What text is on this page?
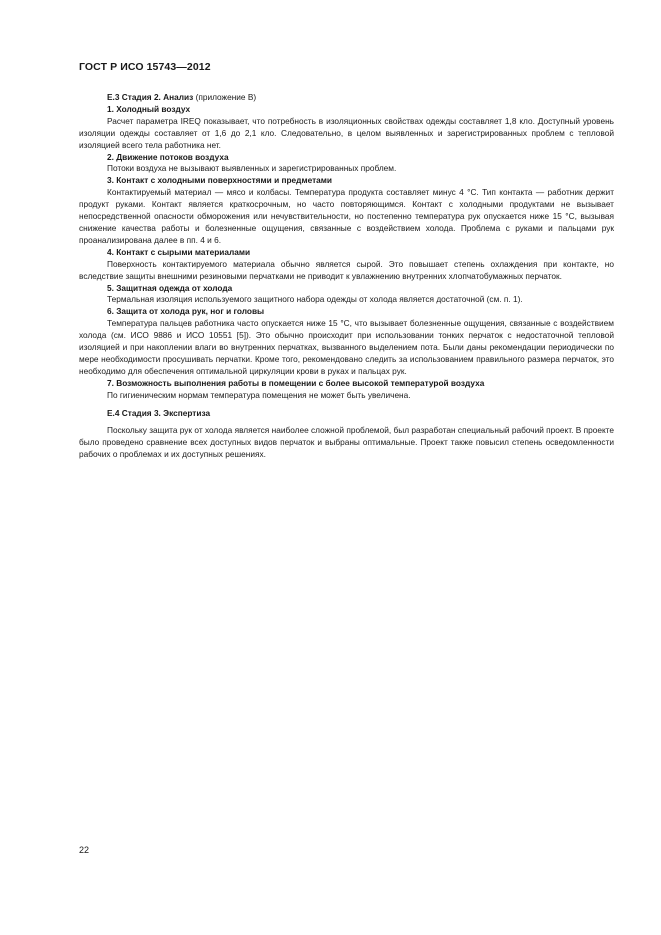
ГОСТ Р ИСО 15743—2012
Е.3 Стадия 2. Анализ (приложение В)
1. Холодный воздух

Расчет параметра IREQ показывает, что потребность в изоляционных свойствах одежды составляет 1,8 кло. Доступный уровень изоляции одежды составляет от 1,6 до 2,1 кло. Следовательно, в целом выявленных и зарегистрированных проблем с тепловой изоляцией всего тела работника нет.

2. Движение потоков воздуха

Потоки воздуха не вызывают выявленных и зарегистрированных проблем.

3. Контакт с холодными поверхностями и предметами

Контактируемый материал — мясо и колбасы. Температура продукта составляет минус 4 °С. Тип контакта — работник держит продукт руками. Контакт является краткосрочным, но часто повторяющимся. Контакт с холодными продуктами не вызывает непосредственной опасности обморожения или нечувствительности, но постепенно температура рук опускается ниже 15 °С, вызывая снижение качества работы и болезненные ощущения, связанные с воздействием холода. Проблема с руками и пальцами рук проанализирована далее в пп. 4 и 6.

4. Контакт с сырыми материалами

Поверхность контактируемого материала обычно является сырой. Это повышает степень охлаждения при контакте, но вследствие защиты внешними резиновыми перчатками не приводит к увлажнению внутренних хлопчатобумажных перчаток.

5. Защитная одежда от холода

Термальная изоляция используемого защитного набора одежды от холода является достаточной (см. п. 1).

6. Защита от холода рук, ног и головы

Температура пальцев работника часто опускается ниже 15 °С, что вызывает болезненные ощущения, связанные с воздействием холода (см. ИСО 9886 и ИСО 10551 [5]). Это обычно происходит при использовании тонких перчаток с недостаточной тепловой изоляцией и при накоплении влаги во внутренних перчатках, вызванного выделением пота. Были даны рекомендации периодически по мере необходимости просушивать перчатки. Кроме того, рекомендовано следить за использованием правильного размера перчаток, это необходимо для обеспечения оптимальной циркуляции крови в руках и пальцах рук.

7. Возможность выполнения работы в помещении с более высокой температурой воздуха

По гигиеническим нормам температура помещения не может быть увеличена.

Е.4 Стадия 3. Экспертиза

Поскольку защита рук от холода является наиболее сложной проблемой, был разработан специальный рабочий проект. В проекте было проведено сравнение всех доступных видов перчаток и выбраны оптимальные. Проект также повысил степень осведомленности рабочих о проблемах и их доступных решениях.

22
